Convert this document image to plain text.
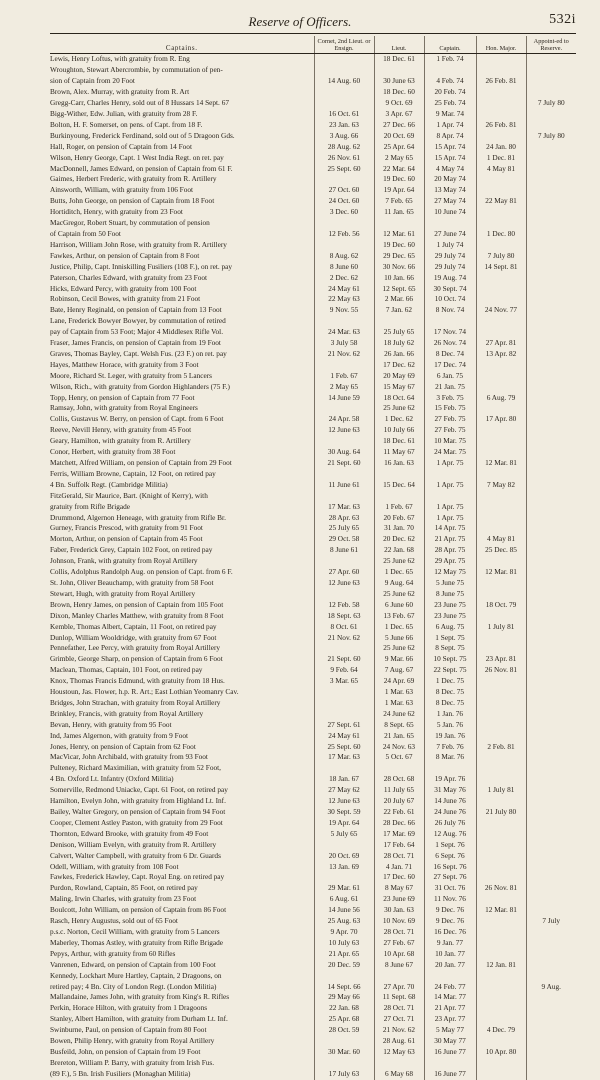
Reserve of Officers.	532i
Captains.	Cornet, 2nd Lieut. or Ensign.	Lieut.	Captain.	Hon. Major.	Appoint-ed to Reserve.
Lewis, Henry Loftus, with gratuity from R. Eng		18 Dec. 61	1 Feb. 74		
Wroughton, Stewart Abercrombie, by commutation of pen-					
sion of Captain from 20 Foot	14 Aug. 60	30 June 63	4 Feb. 74	26 Feb. 81	
Brown, Alex. Murray, with gratuity from R. Art		18 Dec. 60	20 Feb. 74		
Gregg-Carr, Charles Henry, sold out of 8 Hussars 14 Sept. 67		9 Oct. 69	25 Feb. 74		7 July 80
Bigg-Wither, Edw. Julian, with gratuity from 28 F.	16 Oct. 61	3 Apr. 67	9 Mar. 74		
Bolton, H. F. Somerset, on pens. of Capt. from 18 F.	23 Jan. 63	27 Dec. 66	1 Apr. 74	26 Feb. 81	
Burkinyoung, Frederick Ferdinand, sold out of 5 Dragoon Gds.	3 Aug. 66	20 Oct. 69	8 Apr. 74		7 July 80
Hall, Roger, on pension of Captain from 14 Foot	28 Aug. 62	25 Apr. 64	15 Apr. 74	24 Jan. 80	
Wilson, Henry George, Capt. 1 West India Regt. on ret. pay	26 Nov. 61	2 May 65	15 Apr. 74	1 Dec. 81	
MacDonnell, James Edward, on pension of Captain from 61 F.	25 Sept. 60	22 Mar. 64	4 May 74	4 May 81	
Gaimes, Herbert Frederic, with gratuity from R. Artillery		19 Dec. 60	20 May 74		
Ainsworth, William, with gratuity from 106 Foot	27 Oct. 60	19 Apr. 64	13 May 74		
Butts, John George, on pension of Captain from 18 Foot	24 Oct. 60	7 Feb. 65	27 May 74	22 May 81	
Hortiditch, Henry, with gratuity from 23 Foot	3 Dec. 60	11 Jan. 65	10 June 74		
MacGregor, Robert Stuart, by commutation of pension					
of Captain from 50 Foot	12 Feb. 56	12 Mar. 61	27 June 74	1 Dec. 80	
Harrison, William John Rose, with gratuity from R. Artillery		19 Dec. 60	1 July 74		
Fawkes, Arthur, on pension of Captain from 8 Foot	8 Aug. 62	29 Dec. 65	29 July 74	7 July 80	
Justice, Philip, Capt. Inniskilling Fusiliers (108 F.), on ret. pay	8 June 60	30 Nov. 66	29 July 74	14 Sept. 81	
Paterson, Charles Edward, with gratuity from 23 Foot	2 Dec. 62	10 Jan. 66	19 Aug. 74		
Hicks, Edward Percy, with gratuity from 100 Foot	24 May 61	12 Sept. 65	30 Sept. 74		
Robinson, Cecil Bowes, with gratuity from 21 Foot	22 May 63	2 Mar. 66	10 Oct. 74		
Bate, Henry Reginald, on pension of Captain from 13 Foot	9 Nov. 55	7 Jan. 62	8 Nov. 74	24 Nov. 77	
Lane, Frederick Bowyer Bowyer, by commutation of retired					
pay of Captain from 53 Foot; Major 4 Middlesex Rifle Vol.	24 Mar. 63	25 July 65	17 Nov. 74		
Fraser, James Francis, on pension of Captain from 19 Foot	3 July 58	18 July 62	26 Nov. 74	27 Apr. 81	
Graves, Thomas Bayley, Capt. Welsh Fus. (23 F.) on ret. pay	21 Nov. 62	26 Jan. 66	8 Dec. 74	13 Apr. 82	
Hayes, Matthew Horace, with gratuity from 3 Foot		17 Dec. 62	17 Dec. 74		
Moore, Richard St. Leger, with gratuity from 5 Lancers	1 Feb. 67	20 May 69	6 Jan. 75		
Wilson, Rich., with gratuity from Gordon Highlanders (75 F.)	2 May 65	15 May 67	21 Jan. 75		
Topp, Henry, on pension of Captain from 77 Foot	14 June 59	18 Oct. 64	3 Feb. 75	6 Aug. 79	
Ramsay, John, with gratuity from Royal Engineers		25 June 62	15 Feb. 75		
Collis, Gustavus W. Berry, on pension of Capt. from 6 Foot	24 Apr. 58	1 Dec. 62	27 Feb. 75	17 Apr. 80	
Reeve, Nevill Henry, with gratuity from 45 Foot	12 June 63	10 July 66	27 Feb. 75		
Geary, Hamilton, with gratuity from R. Artillery		18 Dec. 61	10 Mar. 75		
Conor, Herbert, with gratuity from 38 Foot	30 Aug. 64	11 May 67	24 Mar. 75		
Matchett, Alfred William, on pension of Captain from 29 Foot	21 Sept. 60	16 Jan. 63	1 Apr. 75	12 Mar. 81	
Ferris, William Browne, Captain, 12 Foot, on retired pay					
4 Bn. Suffolk Regt. (Cambridge Militia)	11 June 61	15 Dec. 64	1 Apr. 75	7 May 82	
FitzGerald, Sir Maurice, Bart. (Knight of Kerry), with					
gratuity from Rifle Brigade	17 Mar. 63	1 Feb. 67	1 Apr. 75		
Drummond, Algernon Heneage, with gratuity from Rifle Br.	28 Apr. 63	20 Feb. 67	1 Apr. 75		
Gurney, Francis Prescod, with gratuity from 91 Foot	25 July 65	31 Jan. 70	14 Apr. 75		
Morton, Arthur, on pension of Captain from 45 Foot	29 Oct. 58	20 Dec. 62	21 Apr. 75	4 May 81	
Faber, Frederick Grey, Captain 102 Foot, on retired pay	8 June 61	22 Jan. 68	28 Apr. 75	25 Dec. 85	
Johnson, Frank, with gratuity from Royal Artillery		25 June 62	29 Apr. 75		
Collis, Adolphus Randolph Aug. on pension of Capt. from 6 F.	27 Apr. 60	1 Dec. 65	12 May 75	12 Mar. 81	
St. John, Oliver Beauchamp, with gratuity from 58 Foot	12 June 63	9 Aug. 64	5 June 75		
Stewart, Hugh, with gratuity from Royal Artillery		25 June 62	8 June 75		
Brown, Henry James, on pension of Captain from 105 Foot	12 Feb. 58	6 June 60	23 June 75	18 Oct. 79	
Dixon, Manley Charles Matthew, with gratuity from 8 Foot	18 Sept. 63	13 Feb. 67	23 June 75		
Kemble, Thomas Albert, Captain, 11 Foot, on retired pay	8 Oct. 61	1 Dec. 65	6 Aug. 75	1 July 81	
Dunlop, William Wooldridge, with gratuity from 67 Foot	21 Nov. 62	5 June 66	1 Sept. 75		
Pennefather, Lee Percy, with gratuity from Royal Artillery		25 June 62	8 Sept. 75		
Grimble, George Sharp, on pension of Captain from 6 Foot	21 Sept. 60	9 Mar. 66	10 Sept. 75	23 Apr. 81	
Maclean, Thomas, Captain, 101 Foot, on retired pay	9 Feb. 64	7 Aug. 67	22 Sept. 75	26 Nov. 81	
Knox, Thomas Francis Edmund, with gratuity from 18 Hus.	3 Mar. 65	24 Apr. 69	1 Dec. 75		
Houstoun, Jas. Flower, h.p. R. Art.; East Lothian Yeomanry Cav.		1 Mar. 63	8 Dec. 75		
Bridges, John Strachan, with gratuity from Royal Artillery		1 Mar. 63	8 Dec. 75		
Brinkley, Francis, with gratuity from Royal Artillery		24 June 62	1 Jan. 76		
Bevan, Henry, with gratuity from 95 Foot	27 Sept. 61	8 Sept. 65	5 Jan. 76		
Ind, James Algernon, with gratuity from 9 Foot	24 May 61	21 Jan. 65	19 Jan. 76		
Jones, Henry, on pension of Captain from 62 Foot	25 Sept. 60	24 Nov. 63	7 Feb. 76	2 Feb. 81	
MacVicar, John Archibald, with gratuity from 93 Foot	17 Mar. 63	5 Oct. 67	8 Mar. 76		
Pulteney, Richard Maximilian, with gratuity from 52 Foot,					
4 Bn. Oxford Lt. Infantry (Oxford Militia)	18 Jan. 67	28 Oct. 68	19 Apr. 76		
Somerville, Redmond Uniacke, Capt. 61 Foot, on retired pay	27 May 62	11 July 65	31 May 76	1 July 81	
Hamilton, Evelyn John, with gratuity from Highland Lt. Inf.	12 June 63	20 July 67	14 June 76		
Bailey, Walter Gregory, on pension of Captain from 94 Foot	30 Sept. 59	22 Feb. 61	24 June 76	21 July 80	
Cooper, Clement Astley Paston, with gratuity from 29 Foot	19 Apr. 64	28 Dec. 66	26 July 76		
Thornton, Edward Brooke, with gratuity from 49 Foot	5 July 65	17 Mar. 69	12 Aug. 76		
Denison, William Evelyn, with gratuity from R. Artillery		17 Feb. 64	1 Sept. 76		
Calvert, Walter Campbell, with gratuity from 6 Dr. Guards	20 Oct. 69	28 Oct. 71	6 Sept. 76		
Odell, William, with gratuity from 108 Foot	13 Jan. 69	4 Jan. 71	16 Sept. 76		
Fawkes, Frederick Hawley, Capt. Royal Eng. on retired pay		17 Dec. 60	27 Sept. 76		
Purdon, Rowland, Captain, 85 Foot, on retired pay	29 Mar. 61	8 May 67	31 Oct. 76	26 Nov. 81	
Maling, Irwin Charles, with gratuity from 23 Foot	6 Aug. 61	23 June 69	11 Nov. 76		
Boulcott, John William, on pension of Captain from 86 Foot	14 June 56	30 Jan. 63	9 Dec. 76	12 Mar. 81	
Rasch, Henry Augustus, sold out of 65 Foot	25 Aug. 63	10 Nov. 69	9 Dec. 76		7 July
p.s.c. Norton, Cecil William, with gratuity from 5 Lancers	9 Apr. 70	28 Oct. 71	16 Dec. 76		
Maberley, Thomas Astley, with gratuity from Rifle Brigade	10 July 63	27 Feb. 67	9 Jan. 77		
Pepys, Arthur, with gratuity from 60 Rifles	21 Apr. 65	10 Apr. 68	10 Jan. 77		
Vanrenen, Edward, on pension of Captain from 100 Foot	20 Dec. 59	8 June 67	20 Jan. 77	12 Jan. 81	
Kennedy, Lockhart Mure Hartley, Captain, 2 Dragoons, on					
retired pay; 4 Bn. City of London Regt. (London Militia)	14 Sept. 66	27 Apr. 70	24 Feb. 77		9 Aug.
Mallandaine, James John, with gratuity from King's R. Rifles	29 May 66	11 Sept. 68	14 Mar. 77		
Perkin, Horace Hilton, with gratuity from 1 Dragoons	22 Jan. 68	28 Oct. 71	21 Apr. 77		
Stanley, Albert Hamilton, with gratuity from Durham Lt. Inf.	25 Apr. 68	27 Oct. 71	23 Apr. 77		
Swinburne, Paul, on pension of Captain from 80 Foot	28 Oct. 59	21 Nov. 62	5 May 77	4 Dec. 79	
Bowen, Philip Henry, with gratuity from Royal Artillery		28 Aug. 61	30 May 77		
Busfeild, John, on pension of Captain from 19 Foot	30 Mar. 60	12 May 63	16 June 77	10 Apr. 80	
Brereton, William P. Barry, with gratuity from Irish Fus.					
(89 F.), 5 Bn. Irish Fusiliers (Monaghan Militia)	17 July 63	6 May 68	16 June 77		
